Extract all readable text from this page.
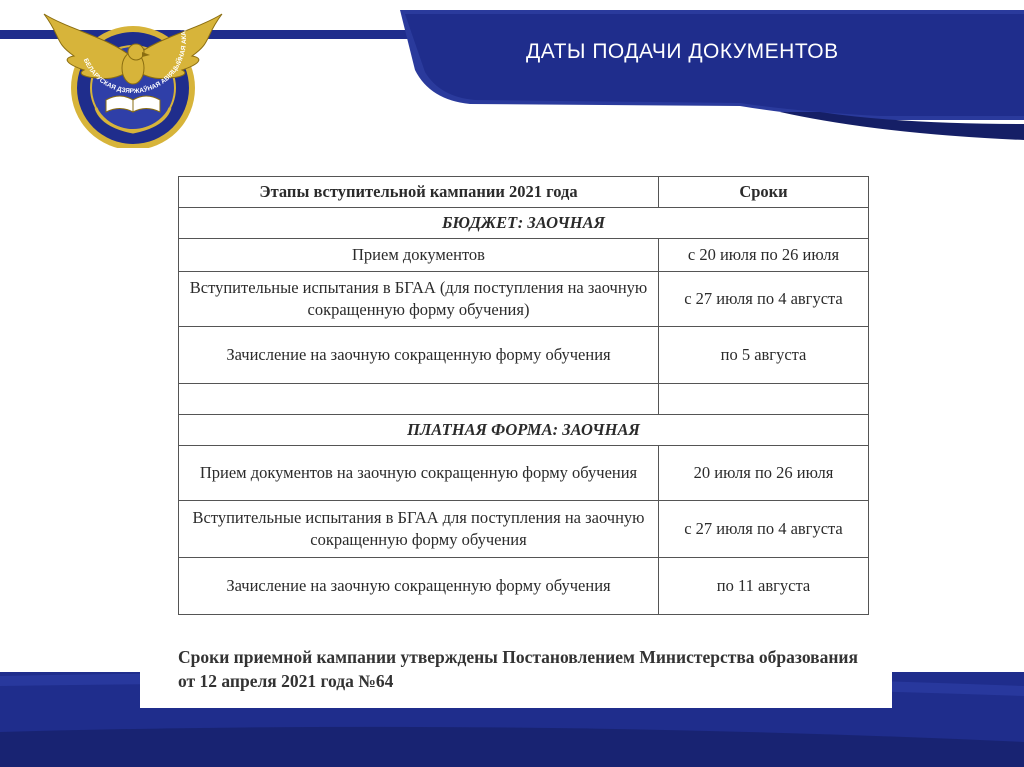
ДАТЫ ПОДАЧИ ДОКУМЕНТОВ
БЕЛАРУСКАЯ ДЗЯРЖАЎНАЯ АВІЯЦЫЙНАЯ АКАДЭМІЯ
Этапы вступительной кампании 2021 года	Сроки
БЮДЖЕТ: ЗАОЧНАЯ	
Прием документов	с 20 июля по 26 июля
Вступительные испытания в БГАА (для поступления на заочную сокращенную форму обучения)	с 27 июля по 4 августа
Зачисление на заочную сокращенную форму обучения	по 5 августа

ПЛАТНАЯ ФОРМА: ЗАОЧНАЯ	
Прием документов на заочную сокращенную форму обучения	20 июля по 26 июля
Вступительные испытания в БГАА для поступления на заочную сокращенную форму обучения	с 27 июля по 4 августа
Зачисление на заочную сокращенную форму обучения	по 11 августа

Сроки приемной кампании утверждены Постановлением Министерства образования от 12 апреля 2021 года №64
